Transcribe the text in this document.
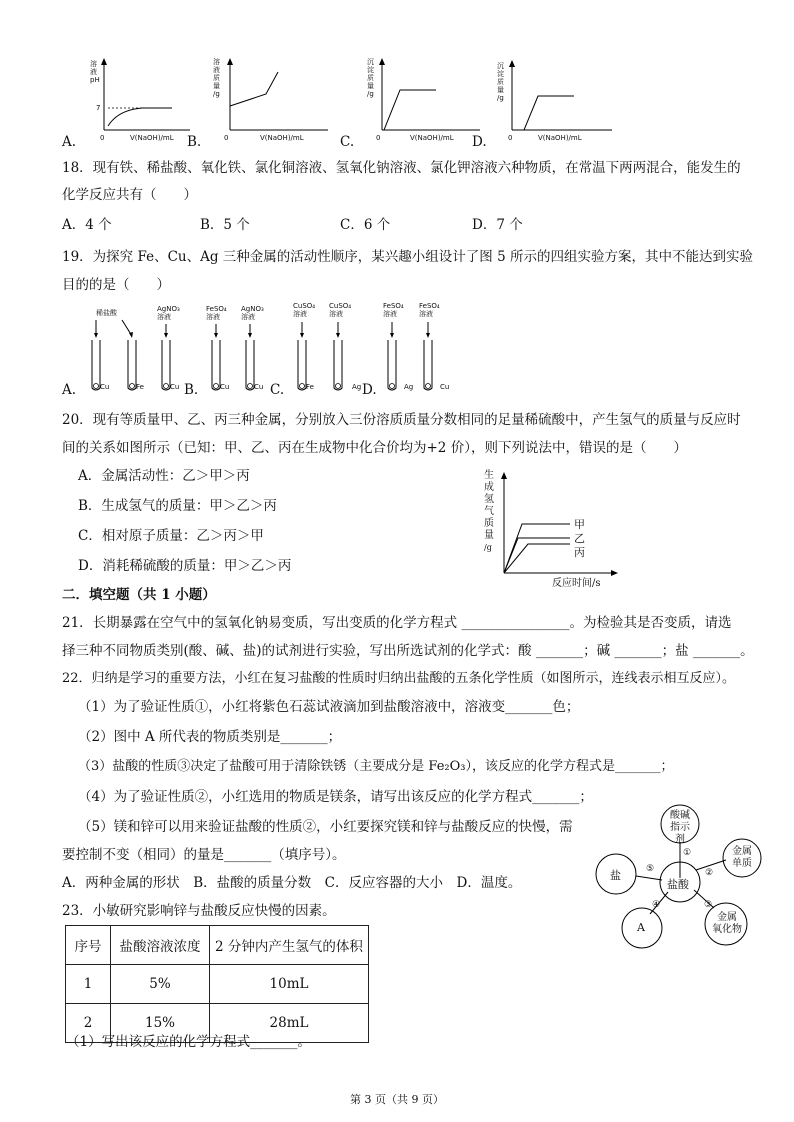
溶
液
pH
7
0	V(NaOH)/mL
A.
溶
液
质
量
/g
0	V(NaOH)/mL
B.
沉
淀
质
量
/g
0	V(NaOH)/mL
C.
沉
淀
质
量
/g
0	V(NaOH)/mL
D.
18．现有铁、稀盐酸、氧化铁、氯化铜溶液、氢氧化钠溶液、氯化钾溶液六种物质，在常温下两两混合，能发生的
化学反应共有（　　）
A．4 个	B．5 个	C．6 个	D．7 个
19．为探究 Fe、Cu、Ag 三种金属的活动性顺序，某兴趣小组设计了图 5 所示的四组实验方案，其中不能达到实验
目的的是（　　）
稀盐酸	AgNO₃溶液
FeSO₄溶液
AgNO₃溶液
CuSO₄溶液
CuSO₄溶液
FeSO₄溶液
FeSO₄溶液
A.	Cu	Fe	Cu B.	Cu	Cu C.	Fe	Ag D.	Ag	Cu
20．现有等质量甲、乙、丙三种金属，分别放入三份溶质质量分数相同的足量稀硫酸中，产生氢气的质量与反应时
间的关系如图所示（已知：甲、乙、丙在生成物中化合价均为+2 价），则下列说法中，错误的是（　　）
A．金属活动性：乙＞甲＞丙
B．生成氢气的质量：甲＞乙＞丙
C．相对原子质量：乙＞丙＞甲
D．消耗稀硫酸的质量：甲＞乙＞丙
生
成
氢
气
质
量
/g
甲
乙
丙
反应时间/s
二．填空题（共 1 小题）
21．长期暴露在空气中的氢氧化钠易变质，写出变质的化学方程式 ________________。为检验其是否变质，请选
择三种不同物质类别(酸、碱、盐)的试剂进行实验，写出所选试剂的化学式：酸 _______；碱 _______；盐 _______。
22．归纳是学习的重要方法，小红在复习盐酸的性质时归纳出盐酸的五条化学性质（如图所示，连线表示相互反应）。
（1）为了验证性质①，小红将紫色石蕊试液滴加到盐酸溶液中，溶液变_______色；
（2）图中 A 所代表的物质类别是_______；
（3）盐酸的性质③决定了盐酸可用于清除铁锈（主要成分是 Fe₂O₃），该反应的化学方程式是_______；
（4）为了验证性质②，小红选用的物质是镁条，请写出该反应的化学方程式_______；
（5）镁和锌可以用来验证盐酸的性质②，小红要探究镁和锌与盐酸反应的快慢，需
要控制不变（相同）的量是_______（填序号）。
A．两种金属的形状　B．盐酸的质量分数　C．反应容器的大小　D．温度。
酸碱
指示剂
盐酸
金属
单质
金属
氧化物
A
盐
①
②
③
④
⑤
23．小敏研究影响锌与盐酸反应快慢的因素。
序号	盐酸溶液浓度	2 分钟内产生氢气的体积
1	5%	10mL
2	15%	28mL
（1）写出该反应的化学方程式_______。
第 3 页（共 9 页）
